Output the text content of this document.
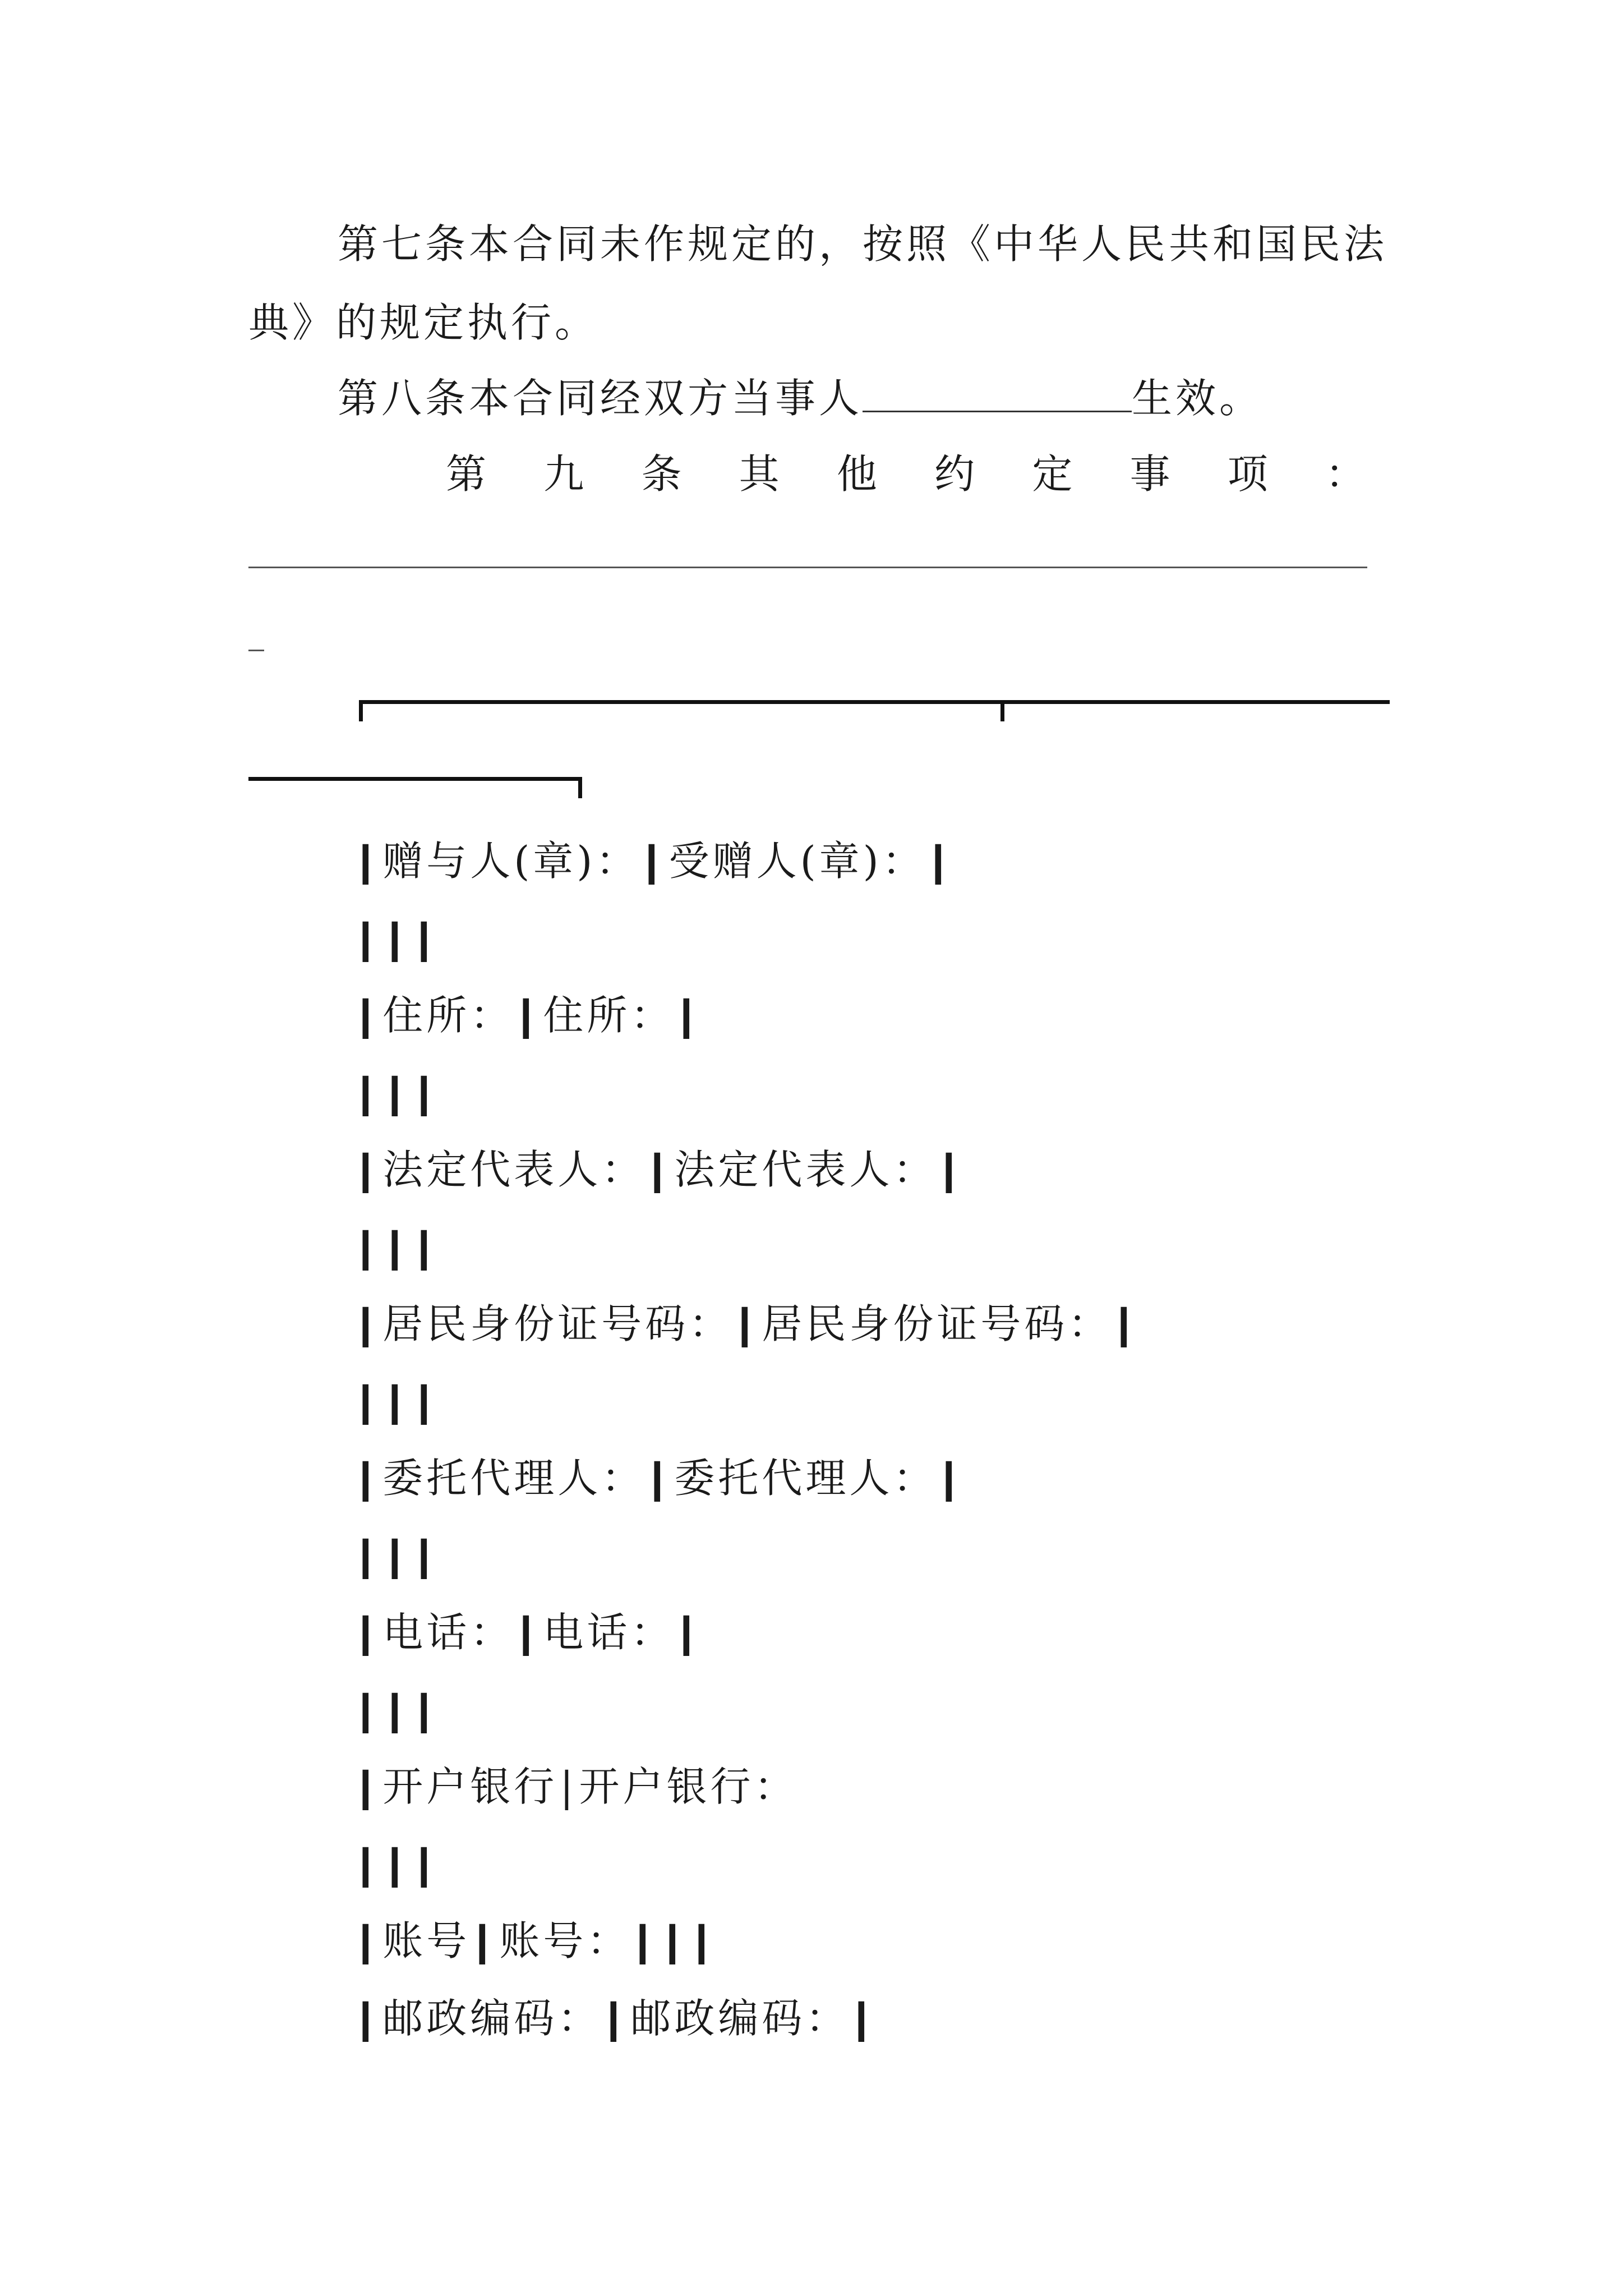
第七条本合同未作规定的，按照《中华人民共和国民法
典》的规定执行。
第八条本合同经双方当事人	生效。
第 九 条 其 他 约 定 事 项 ：
|赠与人(章)：|受赠人(章)：|
|||
|住所：|住所：|
|||
|法定代表人：|法定代表人：|
|||
|居民身份证号码：|居民身份证号码：|
|||
|委托代理人：|委托代理人：|
|||
|电话：|电话：|
|||
|开户银行|开户银行：
|||
|账号|账号：|||
|邮政编码：|邮政编码：|
